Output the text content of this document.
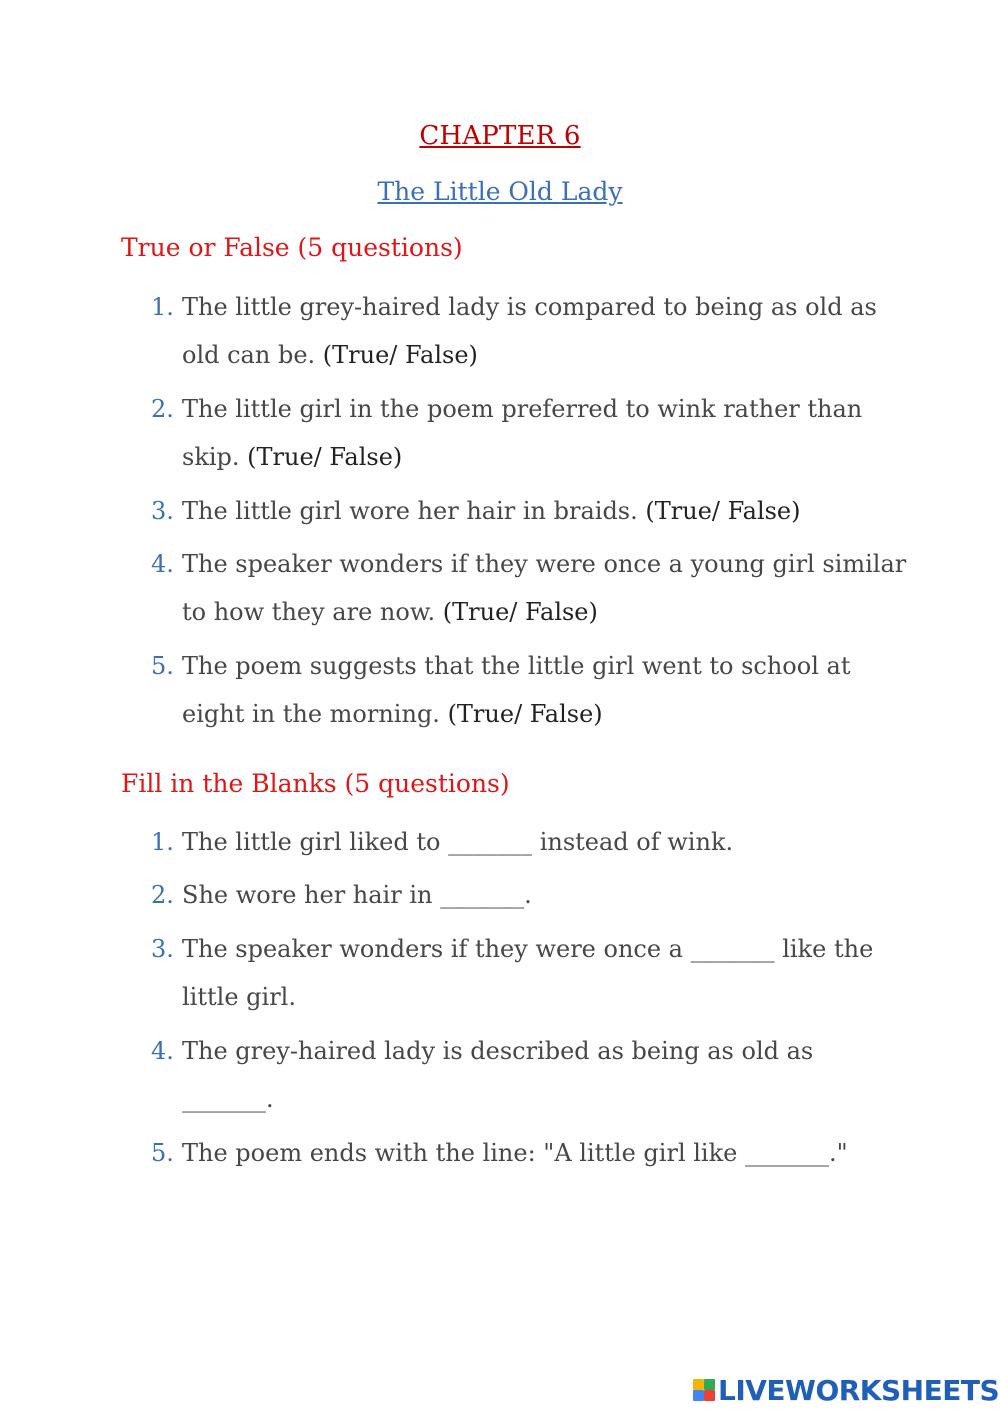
CHAPTER 6
The Little Old Lady
True or False (5 questions)
1. The little grey-haired lady is compared to being as old as old can be. (True/ False)
2. The little girl in the poem preferred to wink rather than skip. (True/ False)
3. The little girl wore her hair in braids. (True/ False)
4. The speaker wonders if they were once a young girl similar to how they are now. (True/ False)
5. The poem suggests that the little girl went to school at eight in the morning. (True/ False)
Fill in the Blanks (5 questions)
1. The little girl liked to _______ instead of wink.
2. She wore her hair in _______.
3. The speaker wonders if they were once a _______ like the little girl.
4. The grey-haired lady is described as being as old as _______.
5. The poem ends with the line: "A little girl like _______."
LIVEWORKSHEETS
